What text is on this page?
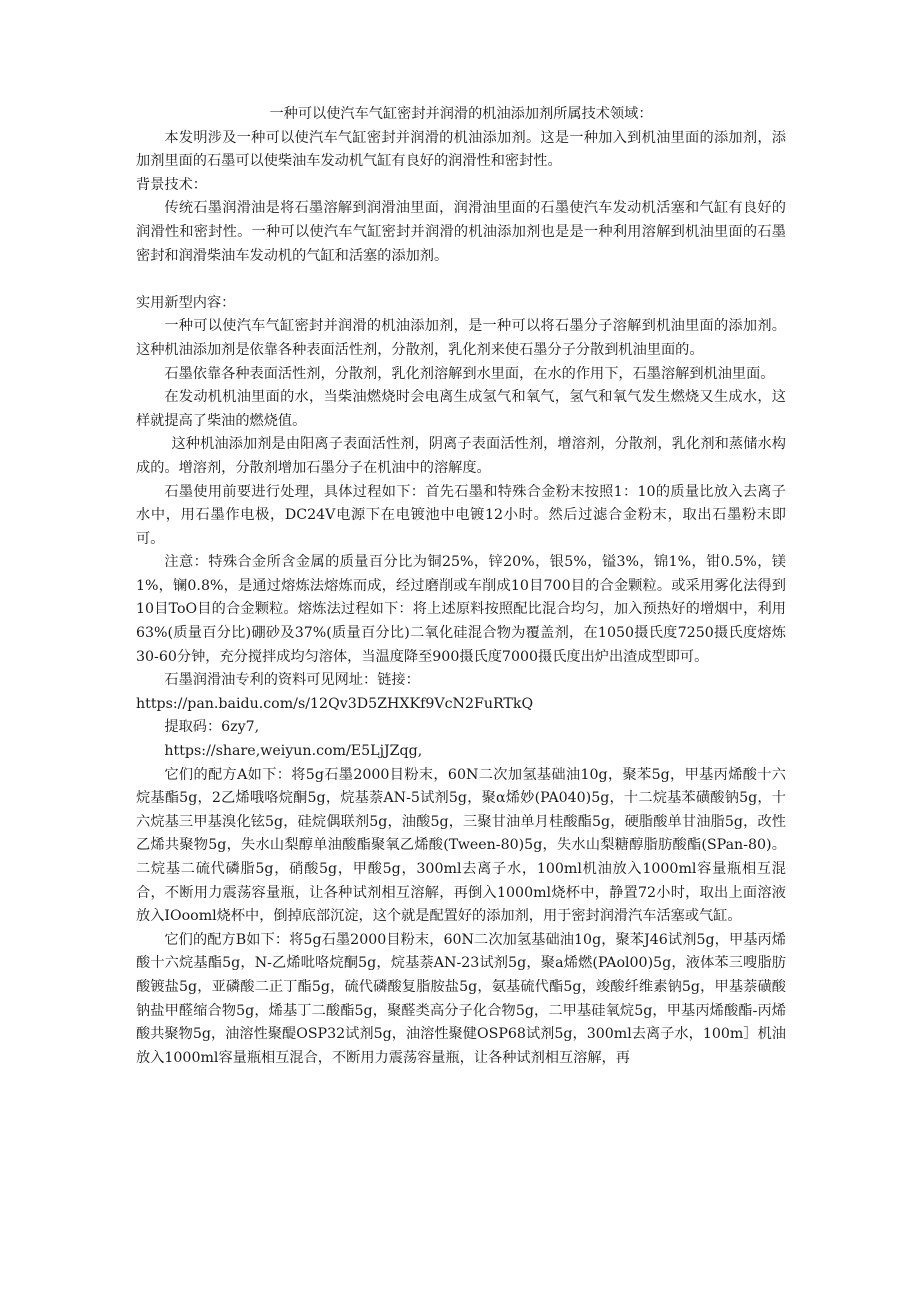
一种可以使汽车气缸密封并润滑的机油添加剂所属技术领域：

本发明涉及一种可以使汽车气缸密封并润滑的机油添加剂。这是一种加入到机油里面的添加剂，添加剂里面的石墨可以使柴油车发动机气缸有良好的润滑性和密封性。

背景技术：

传统石墨润滑油是将石墨溶解到润滑油里面，润滑油里面的石墨使汽车发动机活塞和气缸有良好的润滑性和密封性。一种可以使汽车气缸密封并润滑的机油添加剂也是是一种利用溶解到机油里面的石墨密封和润滑柴油车发动机的气缸和活塞的添加剂。

实用新型内容：

一种可以使汽车气缸密封并润滑的机油添加剂，是一种可以将石墨分子溶解到机油里面的添加剂。这种机油添加剂是依靠各种表面活性剂，分散剂，乳化剂来使石墨分子分散到机油里面的。

石墨依靠各种表面活性剂，分散剂，乳化剂溶解到水里面，在水的作用下，石墨溶解到机油里面。

在发动机机油里面的水，当柴油燃烧时会电离生成氢气和氧气，氢气和氧气发生燃烧又生成水，这样就提高了柴油的燃烧值。

这种机油添加剂是由阳离子表面活性剂，阴离子表面活性剂，增溶剂，分散剂，乳化剂和蒸储水构成的。增溶剂，分散剂增加石墨分子在机油中的溶解度。

石墨使用前要进行处理，具体过程如下：首先石墨和特殊合金粉末按照1：10的质量比放入去离子水中，用石墨作电极，DC24V电源下在电镀池中电镀12小时。然后过滤合金粉末，取出石墨粉末即可。

注意：特殊合金所含金属的质量百分比为铜25%，锌20%，银5%，镒3%，锦1%，钳0.5%，镁1%，镧0.8%，是通过熔炼法熔炼而成，经过磨削或车削成10目700目的合金颗粒。或采用雾化法得到10目ToO目的合金颗粒。熔炼法过程如下：将上述原料按照配比混合均匀，加入预热好的增烟中，利用63%(质量百分比)硼砂及37%(质量百分比)二氧化硅混合物为覆盖剂，在1050摄氏度7250摄氏度熔炼30-60分钟，充分搅拌成均匀溶体，当温度降至900摄氏度7000摄氏度出炉出渣成型即可。

石墨润滑油专利的资料可见网址：链接：

https://pan.baidu.com/s/12Qv3D5ZHXKf9VcN2FuRTkQ

提取码：6zy7,

https://share,weiyun.com/E5LjJZqg,

它们的配方A如下：将5g石墨2000目粉末，60N二次加氢基础油10g，聚苯5g，甲基丙烯酸十六烷基酯5g，2乙烯哦咯烷酮5g，烷基萘AN-5试剂5g，聚α烯妙(PA040)5g，十二烷基苯磺酸钠5g，十六烷基三甲基溴化铉5g，硅烷偶联剂5g，油酸5g，三聚甘油单月桂酸酯5g，硬脂酸单甘油脂5g，改性乙烯共聚物5g，失水山梨醇单油酸酯聚氧乙烯酸(Tween-80)5g，失水山梨糖醇脂肪酸酯(SPan-80)。二烷基二硫代磷脂5g，硝酸5g，甲酸5g，300ml去离子水，100ml机油放入1000ml容量瓶相互混合，不断用力震荡容量瓶，让各种试剂相互溶解，再倒入1000ml烧杯中，静置72小时，取出上面溶液放入IOooml烧杯中，倒掉底部沉淀，这个就是配置好的添加剂，用于密封润滑汽车活塞或气缸。

它们的配方B如下：将5g石墨2000目粉末，60N二次加氢基础油10g，聚苯J46试剂5g，甲基丙烯酸十六烷基酯5g，N-乙烯吡咯烷酮5g，烷基萘AN-23试剂5g，聚a烯燃(PAol00)5g，液体苯三嗖脂肪酸镀盐5g，亚磷酸二正丁酯5g，硫代磷酸复脂胺盐5g，氨基硫代酯5g，竣酸纤维素钠5g，甲基萘磺酸钠盐甲醛缩合物5g，烯基丁二酸酯5g，聚醛类高分子化合物5g，二甲基硅氧烷5g，甲基丙烯酸酯-丙烯酸共聚物5g，油溶性聚醍OSP32试剂5g，油溶性聚健OSP68试剂5g，300ml去离子水，100m］机油放入1000ml容量瓶相互混合，不断用力震荡容量瓶，让各种试剂相互溶解，再
